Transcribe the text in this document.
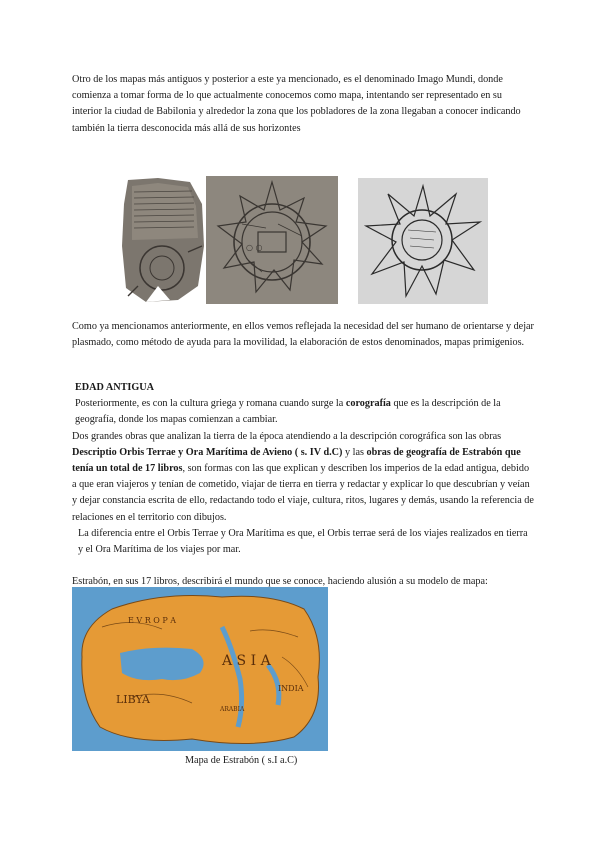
Otro de los mapas más antiguos y posterior a este ya mencionado, es el denominado Imago Mundi, donde comienza a tomar forma de lo que actualmente conocemos como mapa, intentando ser representado en su interior la ciudad de Babilonia y alrededor la zona que los pobladores de la zona llegaban a conocer indicando también la tierra desconocida más allá de sus horizontes

○ ○

Como ya mencionamos anteriormente, en ellos vemos reflejada la necesidad del ser humano de orientarse y dejar plasmado, como método de ayuda para la movilidad, la elaboración de estos denominados, mapas primigenios.

EDAD ANTIGUA

Posteriormente, es con la cultura griega y romana cuando surge la corografía que es la descripción de la geografía, donde los mapas comienzan a cambiar.

Dos grandes obras que analizan la tierra de la época atendiendo a la descripción corográfica son las obras Descriptio Orbis Terrae y Ora Marítima de Avieno ( s. IV d.C) y las obras de geografía de Estrabón que tenía un total de 17 libros, son formas con las que explican y describen los imperios de la edad antigua, debido a que eran viajeros y tenían de cometido, viajar de tierra en tierra y redactar y explicar lo que descubrían y veían y dejar constancia escrita de ello, redactando todo el viaje, cultura, ritos, lugares y demás, usando la referencia de relaciones en el territorio con dibujos.

La diferencia entre el Orbis Terrae y Ora Marítima es que, el Orbis terrae será de los viajes realizados en tierra y el Ora Marítima de los viajes por mar.

Estrabón, en sus 17 libros, describirá el mundo que se conoce, haciendo alusión a su modelo de mapa:

E V R O P A
LIBYA
A S I A
INDIA
ARABIA
Mapa de Estrabón ( s.I a.C)
